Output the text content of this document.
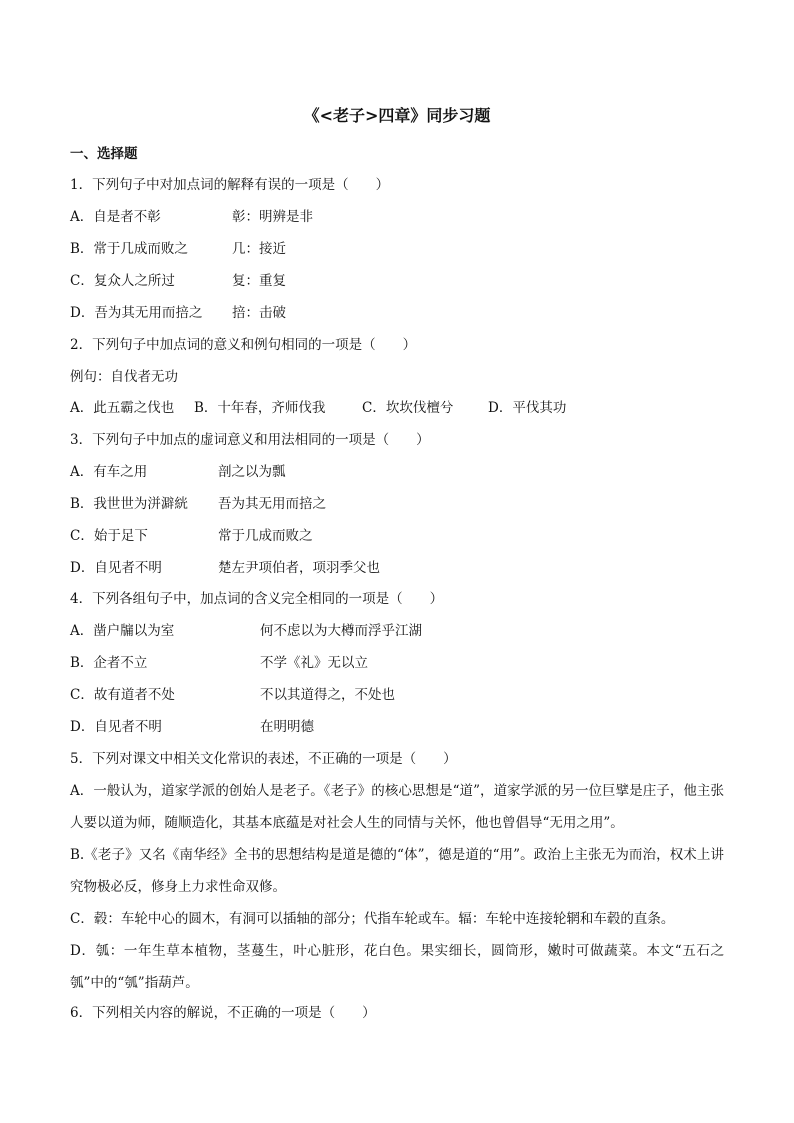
《<老子>四章》同步习题
一、选择题
1．下列句子中对加点词的解释有误的一项是（　　）
A．自是者不彰	彰：明辨是非
B．常于几成而败之	几：接近
C．复众人之所过	复：重复
D．吾为其无用而掊之 掊：击破
2．下列句子中加点词的意义和例句相同的一项是（　　）
例句：自伐者无功
A．此五霸之伐也 B．十年春，齐师伐我	C．坎坎伐檀兮	D．平伐其功
3．下列句子中加点的虚词意义和用法相同的一项是（　　）
A．有车之用	剖之以为瓢
B．我世世为洴澼絖 吾为其无用而掊之
C．始于足下	常于几成而败之
D．自见者不明	楚左尹项伯者，项羽季父也
4．下列各组句子中，加点词的含义完全相同的一项是（　　）
A．凿户牖以为室	何不虑以为大樽而浮乎江湖
B．企者不立	不学《礼》无以立
C．故有道者不处	不以其道得之，不处也
D．自见者不明	在明明德
5．下列对课文中相关文化常识的表述，不正确的一项是（　　）
A．一般认为，道家学派的创始人是老子。《老子》的核心思想是“道”，道家学派的另一位巨擘是庄子，他主张人要以道为师，随顺造化，其基本底蕴是对社会人生的同情与关怀，他也曾倡导“无用之用”。
B.《老子》又名《南华经》全书的思想结构是道是德的“体”，德是道的“用”。政治上主张无为而治，权术上讲究物极必反，修身上力求性命双修。
C．毂：车轮中心的圆木，有洞可以插轴的部分；代指车轮或车。辐：车轮中连接轮辋和车毂的直条。
D．瓠：一年生草本植物，茎蔓生，叶心脏形，花白色。果实细长，圆筒形，嫩时可做蔬菜。本文“五石之瓠”中的“瓠”指葫芦。
6．下列相关内容的解说，不正确的一项是（　　）
